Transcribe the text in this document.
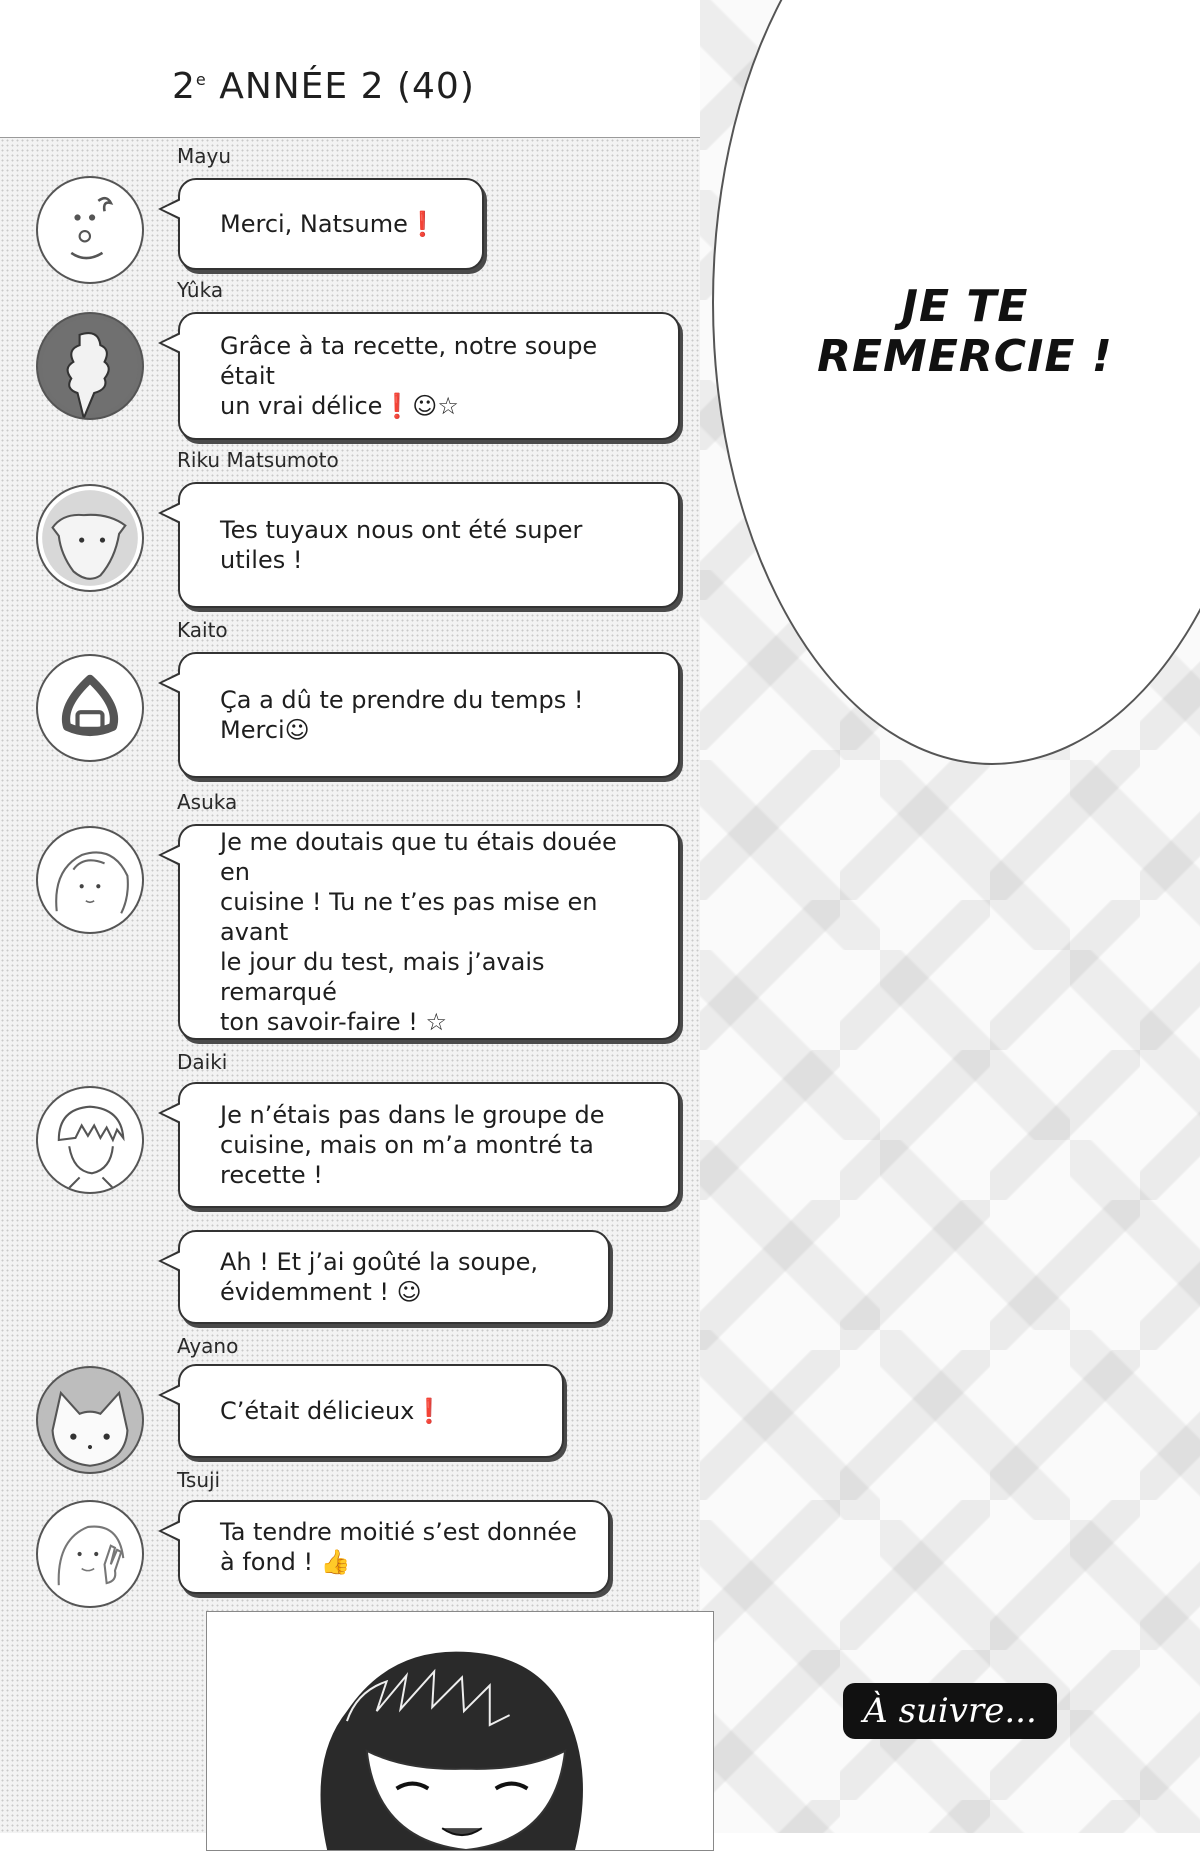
JE TE
REMERCIE !
2e ANNÉE 2 (40)
Mayu
Merci, Natsume❗
Yûka
Grâce à ta recette, notre soupe était
un vrai délice❗☺☆
Riku Matsumoto
Tes tuyaux nous ont été super utiles !
Kaito
Ça a dû te prendre du temps !
Merci☺
Asuka
Je me doutais que tu étais douée en
cuisine ! Tu ne t’es pas mise en avant
le jour du test, mais j’avais remarqué
ton savoir-faire ! ☆
Daiki
Je n’étais pas dans le groupe de
cuisine, mais on m’a montré ta recette !
Ah ! Et j’ai goûté la soupe,
évidemment ! ☺
Ayano
C’était délicieux❗
Tsuji
Ta tendre moitié s’est donnée
à fond ! 👍
À suivre...
